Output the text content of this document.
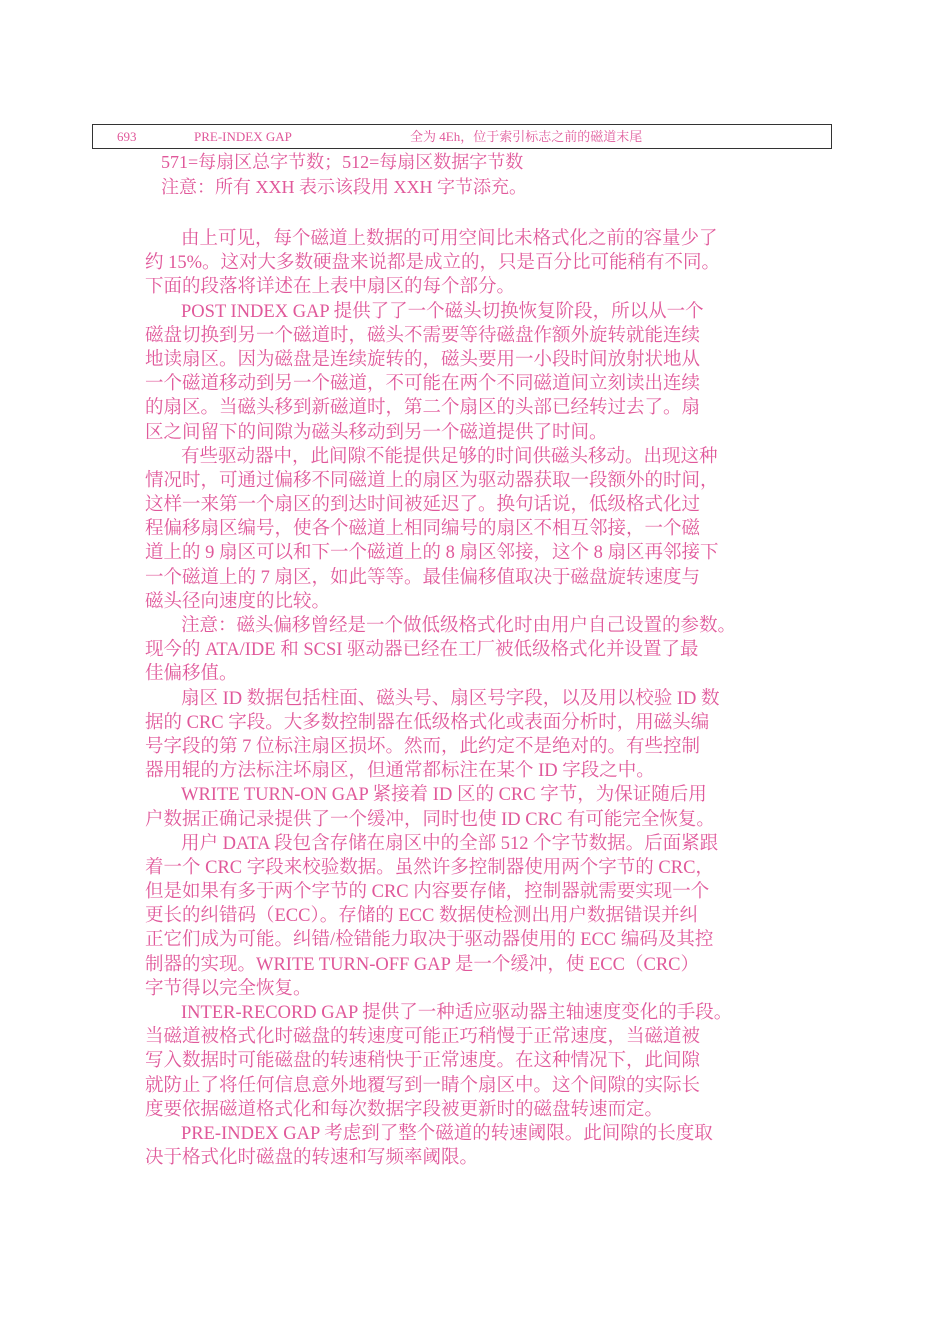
693	PRE-INDEX GAP	全为 4Eh，位于索引标志之前的磁道末尾
571=每扇区总字节数；512=每扇区数据字节数
注意：所有 XXH 表示该段用 XXH 字节添充。
由上可见，每个磁道上数据的可用空间比未格式化之前的容量少了
约 15%。这对大多数硬盘来说都是成立的，只是百分比可能稍有不同。
下面的段落将详述在上表中扇区的每个部分。
POST INDEX GAP 提供了了一个磁头切换恢复阶段，所以从一个
磁盘切换到另一个磁道时，磁头不需要等待磁盘作额外旋转就能连续
地读扇区。因为磁盘是连续旋转的，磁头要用一小段时间放射状地从
一个磁道移动到另一个磁道，不可能在两个不同磁道间立刻读出连续
的扇区。当磁头移到新磁道时，第二个扇区的头部已经转过去了。扇
区之间留下的间隙为磁头移动到另一个磁道提供了时间。
有些驱动器中，此间隙不能提供足够的时间供磁头移动。出现这种
情况时，可通过偏移不同磁道上的扇区为驱动器获取一段额外的时间，
这样一来第一个扇区的到达时间被延迟了。换句话说，低级格式化过
程偏移扇区编号，使各个磁道上相同编号的扇区不相互邻接，一个磁
道上的 9 扇区可以和下一个磁道上的 8 扇区邻接，这个 8 扇区再邻接下
一个磁道上的 7 扇区，如此等等。最佳偏移值取决于磁盘旋转速度与
磁头径向速度的比较。
注意：磁头偏移曾经是一个做低级格式化时由用户自己设置的参数。
现今的 ATA/IDE 和 SCSI 驱动器已经在工厂被低级格式化并设置了最
佳偏移值。
扇区 ID 数据包括柱面、磁头号、扇区号字段，以及用以校验 ID 数
据的 CRC 字段。大多数控制器在低级格式化或表面分析时，用磁头编
号字段的第 7 位标注扇区损坏。然而，此约定不是绝对的。有些控制
器用辊的方法标注坏扇区，但通常都标注在某个 ID 字段之中。
WRITE TURN-ON GAP 紧接着 ID 区的 CRC 字节，为保证随后用
户数据正确记录提供了一个缓冲，同时也使 ID CRC 有可能完全恢复。
用户 DATA 段包含存储在扇区中的全部 512 个字节数据。后面紧跟
着一个 CRC 字段来校验数据。虽然许多控制器使用两个字节的 CRC，
但是如果有多于两个字节的 CRC 内容要存储，控制器就需要实现一个
更长的纠错码（ECC）。存储的 ECC 数据使检测出用户数据错误并纠
正它们成为可能。纠错/检错能力取决于驱动器使用的 ECC 编码及其控
制器的实现。WRITE TURN-OFF GAP 是一个缓冲，使 ECC（CRC）
字节得以完全恢复。
INTER-RECORD GAP 提供了一种适应驱动器主轴速度变化的手段。
当磁道被格式化时磁盘的转速度可能正巧稍慢于正常速度，当磁道被
写入数据时可能磁盘的转速稍快于正常速度。在这种情况下，此间隙
就防止了将任何信息意外地覆写到一睛个扇区中。这个间隙的实际长
度要依据磁道格式化和每次数据字段被更新时的磁盘转速而定。
PRE-INDEX GAP 考虑到了整个磁道的转速阈限。此间隙的长度取
决于格式化时磁盘的转速和写频率阈限。
